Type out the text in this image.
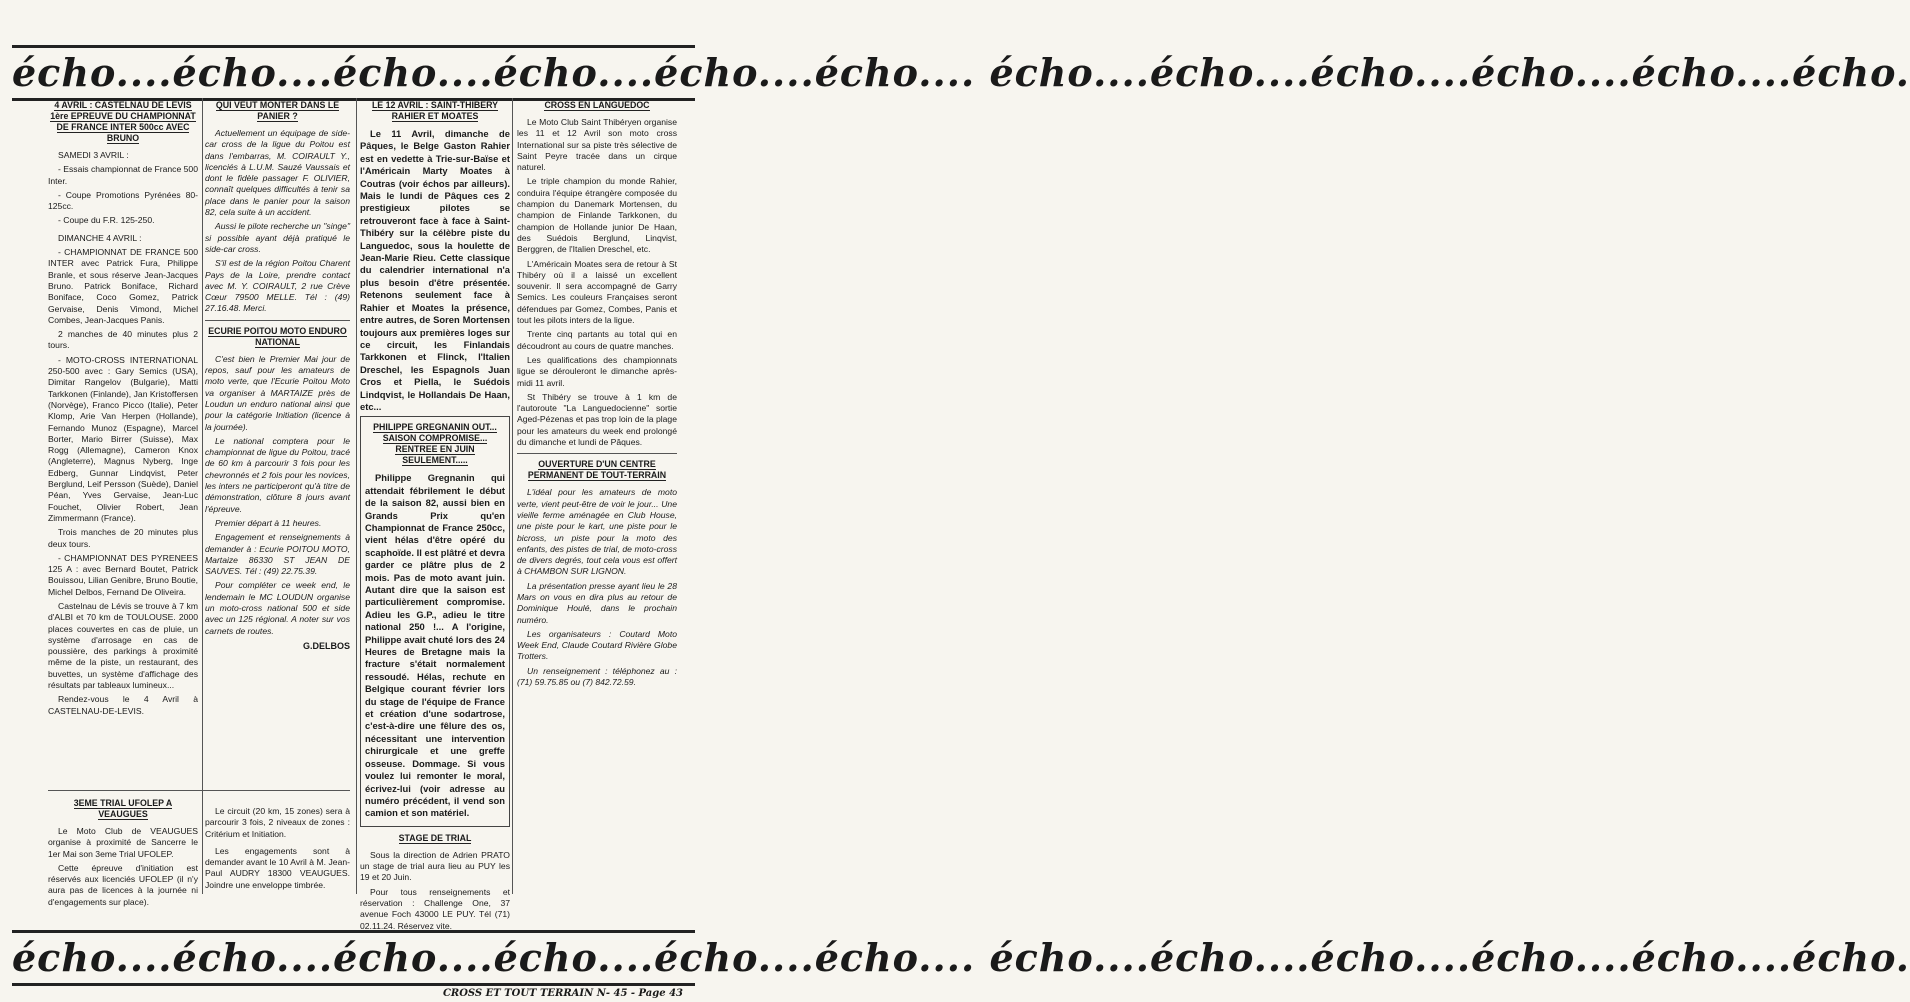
écho....écho....écho....écho....écho....écho.... écho....écho....écho....écho....écho....écho.
4 AVRIL : CASTELNAU DE LEVIS 1ère EPREUVE DU CHAMPIONNAT DE FRANCE INTER 500cc AVEC BRUNO
SAMEDI 3 AVRIL :
- Essais championnat de France 500 Inter.
- Coupe Promotions Pyrénées 80-125cc.
- Coupe du F.R. 125-250.
DIMANCHE 4 AVRIL :
- CHAMPIONNAT DE FRANCE 500 INTER avec Patrick Fura, Philippe Branle, et sous réserve Jean-Jacques Bruno. Patrick Boniface, Richard Boniface, Coco Gomez, Patrick Gervaise, Denis Vimond, Michel Combes, Jean-Jacques Panis.
2 manches de 40 minutes plus 2 tours.
- MOTO-CROSS INTERNATIONAL 250-500 avec : Gary Semics (USA), Dimitar Rangelov (Bulgarie), Matti Tarkkonen (Finlande), Jan Kristoffersen (Norvège), Franco Picco (Italie), Peter Klomp, Arie Van Herpen (Hollande), Fernando Munoz (Espagne), Marcel Borter, Mario Birrer (Suisse), Max Rogg (Allemagne), Cameron Knox (Angleterre), Magnus Nyberg, Inge Edberg, Gunnar Lindqvist, Peter Berglund, Leif Persson (Suède), Daniel Péan, Yves Gervaise, Jean-Luc Fouchet, Olivier Robert, Jean Zimmermann (France).
Trois manches de 20 minutes plus deux tours.
- CHAMPIONNAT DES PYRENEES 125 A : avec Bernard Boutet, Patrick Bouissou, Lilian Genibre, Bruno Boutie, Michel Delbos, Fernand De Oliveira.
Castelnau de Lévis se trouve à 7 km d'ALBI et 70 km de TOULOUSE. 2000 places couvertes en cas de pluie, un système d'arrosage en cas de poussière, des parkings à proximité même de la piste, un restaurant, des buvettes, un système d'affichage des résultats par tableaux lumineux...
Rendez-vous le 4 Avril à CASTELNAU-DE-LEVIS.
QUI VEUT MONTER DANS LE PANIER ?
Actuellement un équipage de side-car cross de la ligue du Poitou est dans l'embarras, M. COIRAULT Y., licenciés à L.U.M. Sauzé Vaussais et dont le fidèle passager F. OLIVIER, connaît quelques difficultés à tenir sa place dans le panier pour la saison 82, cela suite à un accident.
Aussi le pilote recherche un "singe" si possible ayant déjà pratiqué le side-car cross.
S'il est de la région Poitou Charent Pays de la Loire, prendre contact avec M. Y. COIRAULT, 2 rue Crève Cœur 79500 MELLE. Tél : (49) 27.16.48. Merci.
ECURIE POITOU MOTO ENDURO NATIONAL
C'est bien le Premier Mai jour de repos, sauf pour les amateurs de moto verte, que l'Ecurie Poitou Moto va organiser à MARTAIZE près de Loudun un enduro national ainsi que pour la catégorie Initiation (licence à la journée).
Le national comptera pour le championnat de ligue du Poitou, tracé de 60 km à parcourir 3 fois pour les chevronnés et 2 fois pour les novices, les inters ne participeront qu'à titre de démonstration, clôture 8 jours avant l'épreuve.
Premier départ à 11 heures.
Engagement et renseignements à demander à : Ecurie POITOU MOTO, Martaize 86330 ST JEAN DE SAUVES. Tél : (49) 22.75.39.
Pour compléter ce week end, le lendemain le MC LOUDUN organise un moto-cross national 500 et side avec un 125 régional. A noter sur vos carnets de routes.
G.DELBOS
LE 12 AVRIL : SAINT-THIBERY RAHIER ET MOATES
Le 11 Avril, dimanche de Pâques, le Belge Gaston Rahier est en vedette à Trie-sur-Baïse et l'Américain Marty Moates à Coutras (voir échos par ailleurs). Mais le lundi de Pâques ces 2 prestigieux pilotes se retrouveront face à face à Saint-Thibéry sur la célèbre piste du Languedoc, sous la houlette de Jean-Marie Rieu. Cette classique du calendrier international n'a plus besoin d'être présentée. Retenons seulement face à Rahier et Moates la présence, entre autres, de Soren Mortensen toujours aux premières loges sur ce circuit, les Finlandais Tarkkonen et Flinck, l'Italien Dreschel, les Espagnols Juan Cros et Piella, le Suédois Lindqvist, le Hollandais De Haan, etc...
PHILIPPE GREGNANIN OUT... SAISON COMPROMISE... RENTREE EN JUIN SEULEMENT.....
Philippe Gregnanin qui attendait fébrilement le début de la saison 82, aussi bien en Grands Prix qu'en Championnat de France 250cc, vient hélas d'être opéré du scaphoïde. Il est plâtré et devra garder ce plâtre plus de 2 mois. Pas de moto avant juin. Autant dire que la saison est particulièrement compromise. Adieu les G.P., adieu le titre national 250 !... A l'origine, Philippe avait chuté lors des 24 Heures de Bretagne mais la fracture s'était normalement ressoudé. Hélas, rechute en Belgique courant février lors du stage de l'équipe de France et création d'une sodartrose, c'est-à-dire une fêlure des os, nécessitant une intervention chirurgicale et une greffe osseuse. Dommage. Si vous voulez lui remonter le moral, écrivez-lui (voir adresse au numéro précédent, il vend son camion et son matériel.
STAGE DE TRIAL
Sous la direction de Adrien PRATO un stage de trial aura lieu au PUY les 19 et 20 Juin.
Pour tous renseignements et réservation : Challenge One, 37 avenue Foch 43000 LE PUY. Tél (71) 02.11.24. Réservez vite.
CROSS EN LANGUEDOC
Le Moto Club Saint Thibéryen organise les 11 et 12 Avril son moto cross International sur sa piste très sélective de Saint Peyre tracée dans un cirque naturel.
Le triple champion du monde Rahier, conduira l'équipe étrangère composée du champion du Danemark Mortensen, du champion de Finlande Tarkkonen, du champion de Hollande junior De Haan, des Suédois Berglund, Linqvist, Berggren, de l'Italien Dreschel, etc.
L'Américain Moates sera de retour à St Thibéry où il a laissé un excellent souvenir. Il sera accompagné de Garry Semics. Les couleurs Françaises seront défendues par Gomez, Combes, Panis et tout les pilots inters de la ligue.
Trente cinq partants au total qui en découdront au cours de quatre manches.
Les qualifications des championnats ligue se dérouleront le dimanche après-midi 11 avril.
St Thibéry se trouve à 1 km de l'autoroute "La Languedocienne" sortie Aged-Pézenas et pas trop loin de la plage pour les amateurs du week end prolongé du dimanche et lundi de Pâques.
OUVERTURE D'UN CENTRE PERMANENT DE TOUT-TERRAIN
L'idéal pour les amateurs de moto verte, vient peut-être de voir le jour... Une vieille ferme aménagée en Club House, une piste pour le kart, une piste pour le bicross, un piste pour la moto des enfants, des pistes de trial, de moto-cross de divers degrés, tout cela vous est offert à CHAMBON SUR LIGNON.
La présentation presse ayant lieu le 28 Mars on vous en dira plus au retour de Dominique Houlé, dans le prochain numéro.
Les organisateurs : Coutard Moto Week End, Claude Coutard Rivière Globe Trotters.
Un renseignement : téléphonez au : (71) 59.75.85 ou (7) 842.72.59.
3EME TRIAL UFOLEP A VEAUGUES
Le Moto Club de VEAUGUES organise à proximité de Sancerre le 1er Mai son 3eme Trial UFOLEP.
Cette épreuve d'initiation est réservés aux licenciés UFOLEP (il n'y aura pas de licences à la journée ni d'engagements sur place).
Le circuit (20 km, 15 zones) sera à parcourir 3 fois, 2 niveaux de zones : Critérium et Initiation.
Les engagements sont à demander avant le 10 Avril à M. Jean-Paul AUDRY 18300 VEAUGUES. Joindre une enveloppe timbrée.
écho....écho....écho....écho....écho....écho.... écho....écho....écho....écho....écho....écho.
CROSS ET TOUT TERRAIN N- 45 - Page 43
